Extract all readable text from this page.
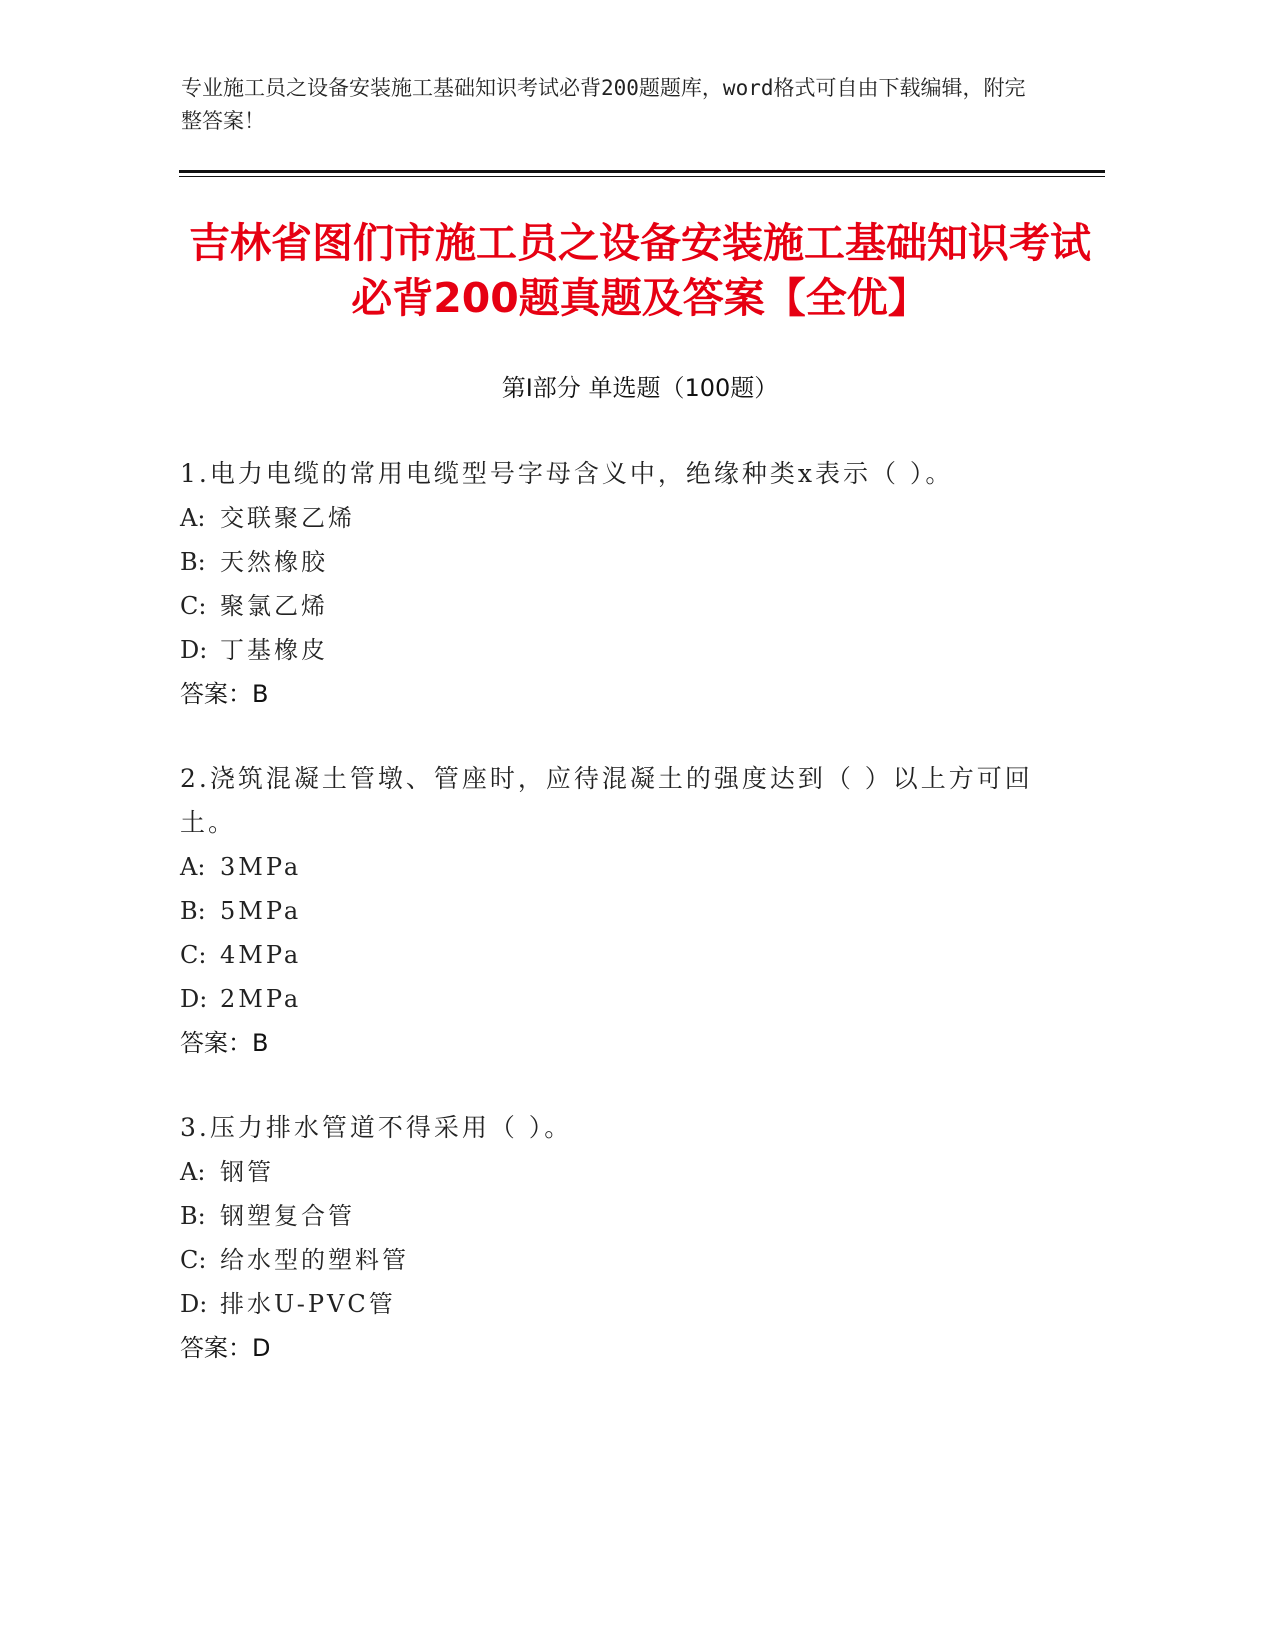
专业施工员之设备安装施工基础知识考试必背200题题库，word格式可自由下载编辑，附完整答案！
吉林省图们市施工员之设备安装施工基础知识考试必背200题真题及答案【全优】
第Ⅰ部分 单选题（100题）

1.电力电缆的常用电缆型号字母含义中，绝缘种类x表示（ ）。

A: 交联聚乙烯

B: 天然橡胶

C: 聚氯乙烯

D: 丁基橡皮

答案：B

2.浇筑混凝土管墩、管座时，应待混凝土的强度达到（ ）以上方可回土。

A: 3MPa

B: 5MPa

C: 4MPa

D: 2MPa

答案：B

3.压力排水管道不得采用（ ）。

A: 钢管

B: 钢塑复合管

C: 给水型的塑料管

D: 排水U-PVC管

答案：D
